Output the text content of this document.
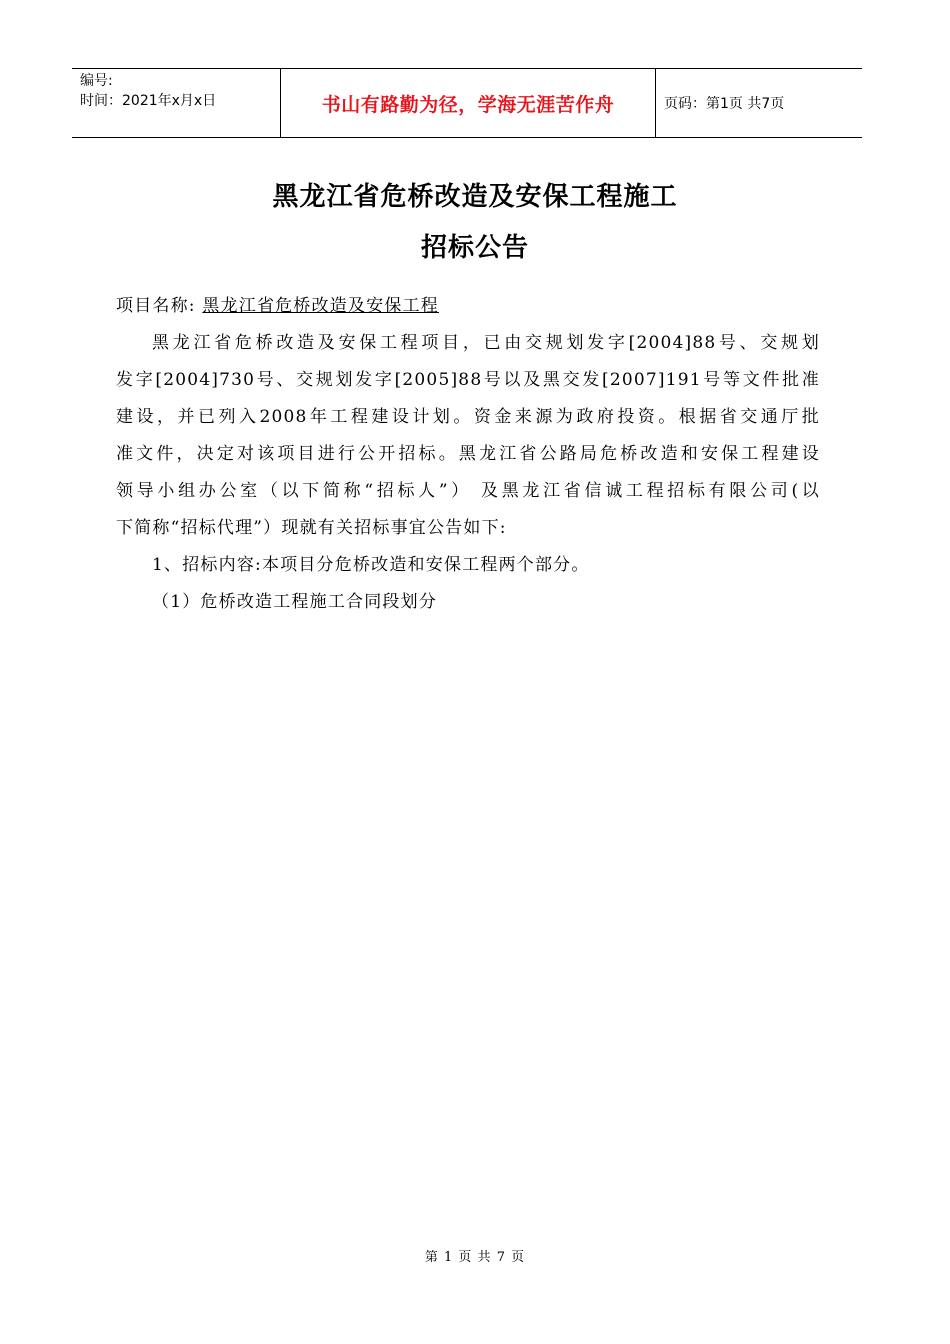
编号:
时间：2021年x月x日	书山有路勤为径，学海无涯苦作舟	页码：第1页 共7页
黑龙江省危桥改造及安保工程施工
招标公告
项目名称: 黑龙江省危桥改造及安保工程
黑龙江省危桥改造及安保工程项目，已由交规划发字[2004]88号、交规划
发字[2004]730号、交规划发字[2005]88号以及黑交发[2007]191号等文件批准
建设，并已列入2008年工程建设计划。资金来源为政府投资。根据省交通厅批
准文件，决定对该项目进行公开招标。黑龙江省公路局危桥改造和安保工程建设
领导小组办公室（以下简称“招标人”） 及黑龙江省信诚工程招标有限公司(以
下简称“招标代理”）现就有关招标事宜公告如下:
1、招标内容:本项目分危桥改造和安保工程两个部分。
（1）危桥改造工程施工合同段划分
第 1 页 共 7 页
